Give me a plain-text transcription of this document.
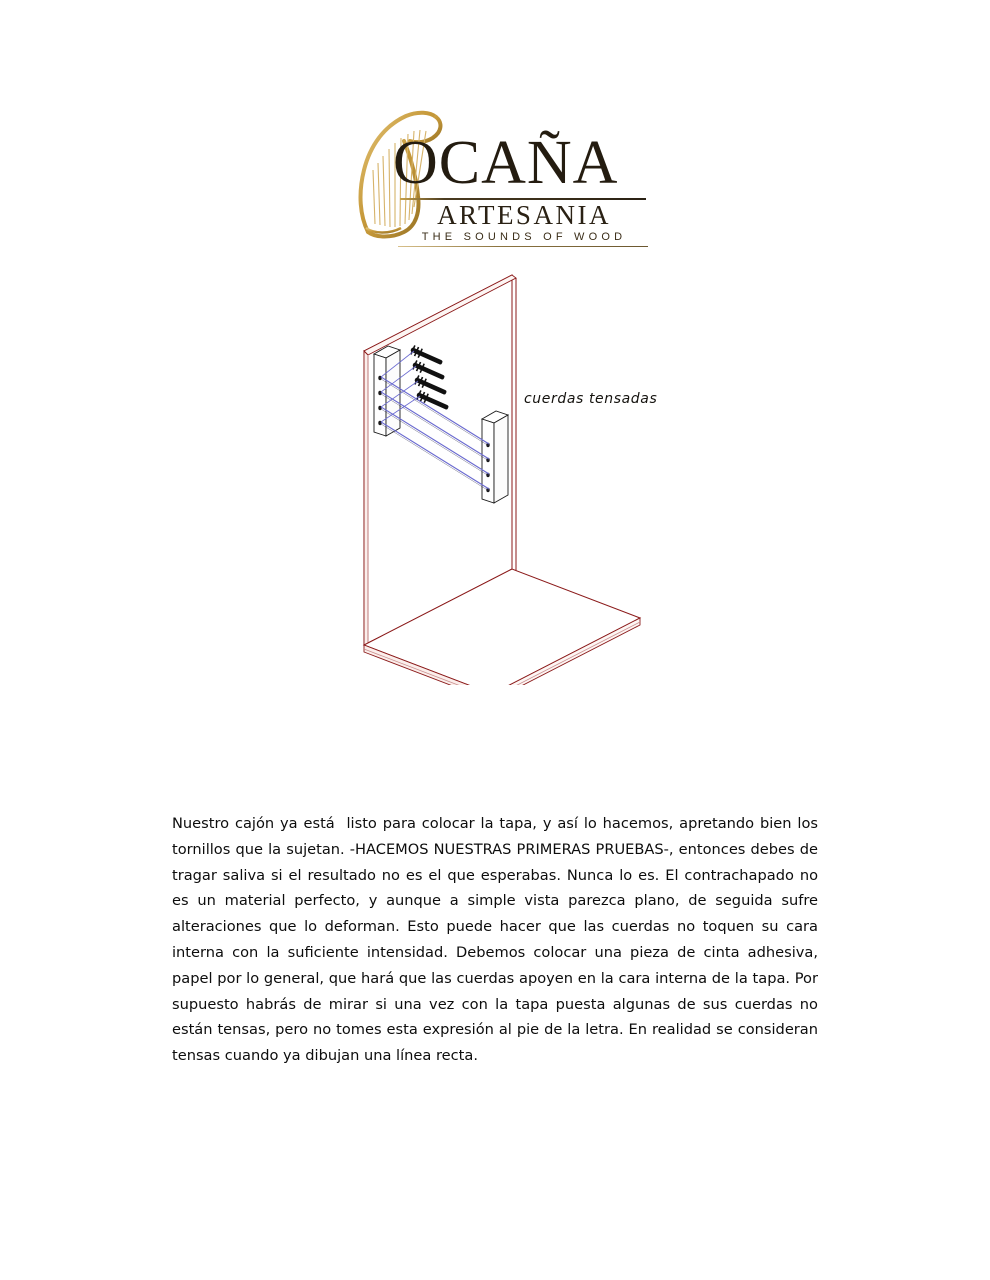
OCAÑA
ARTESANIA
THE SOUNDS OF WOOD
cuerdas tensadas
Nuestro cajón ya está  listo para colocar la tapa, y así lo hacemos, apretando bien los tornillos que la sujetan. -HACEMOS NUESTRAS PRIMERAS PRUEBAS-, entonces debes de tragar saliva si el resultado no es el que esperabas. Nunca lo es. El contrachapado no es un material perfecto, y aunque a simple vista parezca plano, de seguida sufre alteraciones que lo deforman. Esto puede hacer que las cuerdas no toquen su cara interna con la suficiente intensidad. Debemos colocar una pieza de cinta adhesiva, papel por lo general, que hará que las cuerdas apoyen en la cara interna de la tapa. Por supuesto habrás de mirar si una vez con la tapa puesta algunas de sus cuerdas no están tensas, pero no tomes esta expresión al pie de la letra. En realidad se consideran tensas cuando ya dibujan una línea recta.
